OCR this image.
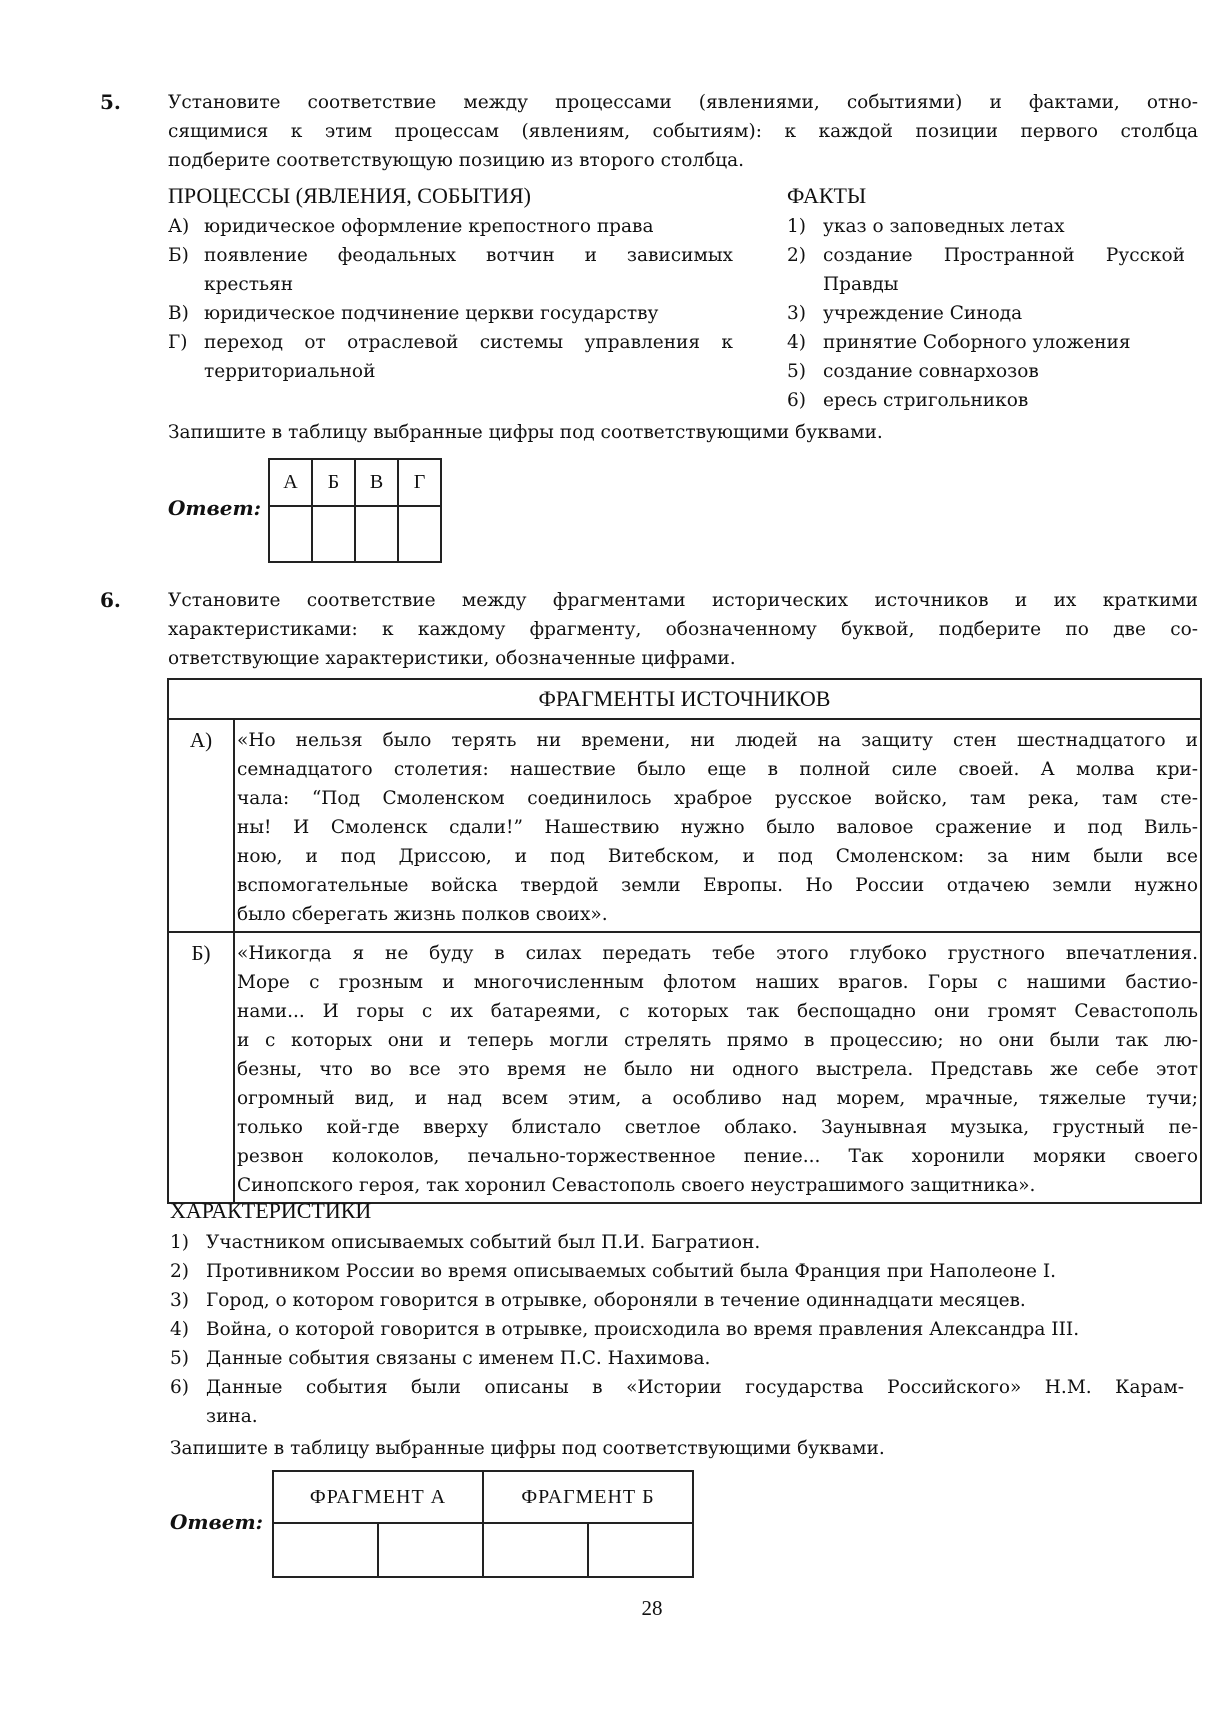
5.	Установите соответствие между процессами (явлениями, событиями) и фактами, отно-
сящимися к этим процессам (явлениям, событиям): к каждой позиции первого столбца
подберите соответствующую позицию из второго столбца.
ПРОЦЕССЫ (ЯВЛЕНИЯ, СОБЫТИЯ)	ФАКТЫ
А) юридическое оформление крепостного права
Б) появление феодальных вотчин и зависимых
крестьян
В) юридическое подчинение церкви государству
Г) переход от отраслевой системы управления к
территориальной
1) указ о заповедных летах
2) создание Пространной Русской
Правды
3) учреждение Синода
4) принятие Соборного уложения
5) создание совнархозов
6) ересь стригольников
Запишите в таблицу выбранные цифры под соответствующими буквами.
Ответ:
А	Б	В	Г

6.	Установите соответствие между фрагментами исторических источников и их краткими
характеристиками: к каждому фрагменту, обозначенному буквой, подберите по две со-
ответствующие характеристики, обозначенные цифрами.
ФРАГМЕНТЫ ИСТОЧНИКОВ
А)	«Но нельзя было терять ни времени, ни людей на защиту стен шестнадцатого и
семнадцатого столетия: нашествие было еще в полной силе своей. А молва кри-
чала: “Под Смоленском соединилось храброе русское войско, там река, там сте-
ны! И Смоленск сдали!” Нашествию нужно было валовое сражение и под Виль-
ною, и под Дриссою, и под Витебском, и под Смоленском: за ним были все
вспомогательные войска твердой земли Европы. Но России отдачею земли нужно
было сберегать жизнь полков своих».
Б)	«Никогда я не буду в силах передать тебе этого глубоко грустного впечатления.
Море с грозным и многочисленным флотом наших врагов. Горы с нашими бастио-
нами... И горы с их батареями, с которых так беспощадно они громят Севастополь
и с которых они и теперь могли стрелять прямо в процессию; но они были так лю-
безны, что во все это время не было ни одного выстрела. Представь же себе этот
огромный вид, и над всем этим, а особливо над морем, мрачные, тяжелые тучи;
только кой-где вверху блистало светлое облако. Заунывная музыка, грустный пе-
резвон колоколов, печально-торжественное пение... Так хоронили моряки своего
Синопского героя, так хоронил Севастополь своего неустрашимого защитника».
ХАРАКТЕРИСТИКИ
1) Участником описываемых событий был П.И. Багратион.
2) Противником России во время описываемых событий была Франция при Наполеоне I.
3) Город, о котором говорится в отрывке, обороняли в течение одиннадцати месяцев.
4) Война, о которой говорится в отрывке, происходила во время правления Александра III.
5) Данные события связаны с именем П.С. Нахимова.
6) Данные события были описаны в «Истории государства Российского» Н.М. Карам-
зина.
Запишите в таблицу выбранные цифры под соответствующими буквами.
Ответ:
ФРАГМЕНТ А		ФРАГМЕНТ Б	

28
